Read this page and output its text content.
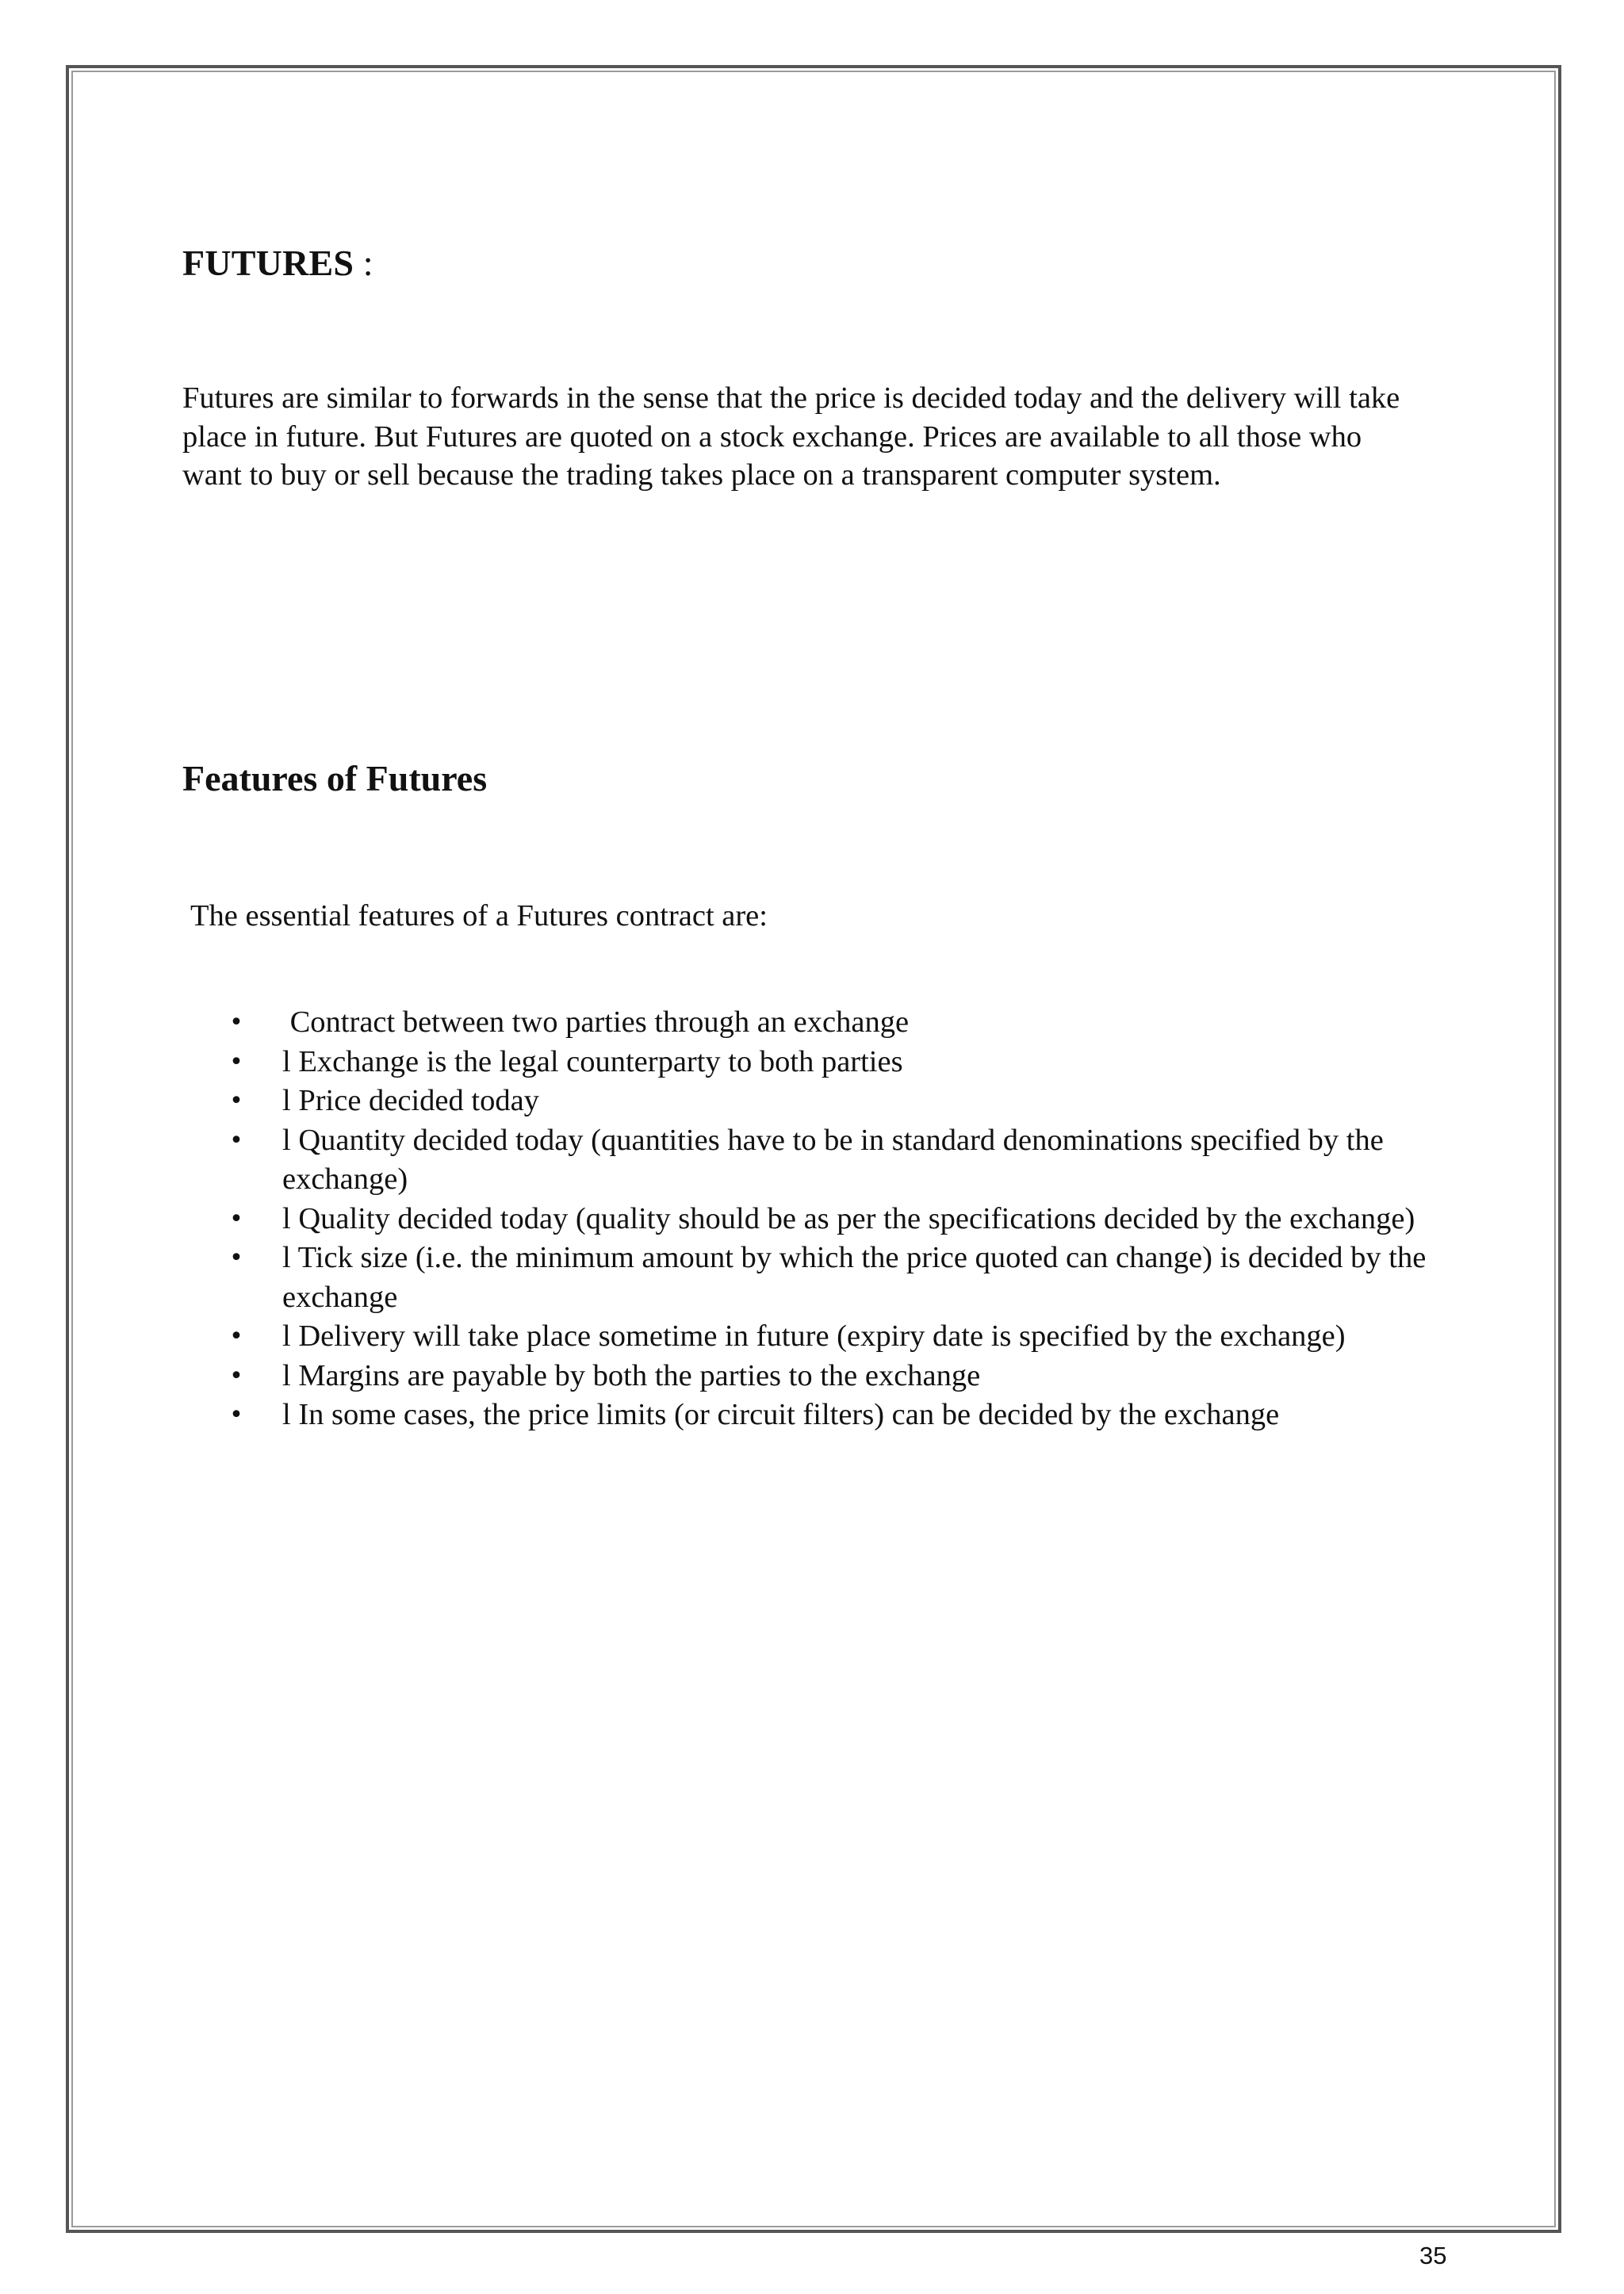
FUTURES :

Futures are similar to forwards in the sense that the price is decided today and the delivery will take place in future. But Futures are quoted on a stock exchange. Prices are available to all those who want to buy or sell because the trading takes place on a transparent computer system.

Features of Futures

The essential features of a Futures contract are:

• Contract between two parties through an exchange
• l Exchange is the legal counterparty to both parties
• l Price decided today
• l Quantity decided today (quantities have to be in standard denominations specified by the exchange)
• l Quality decided today (quality should be as per the specifications decided by the exchange)
• l Tick size (i.e. the minimum amount by which the price quoted can change) is decided by the exchange
• l Delivery will take place sometime in future (expiry date is specified by the exchange)
• l Margins are payable by both the parties to the exchange
• l In some cases, the price limits (or circuit filters) can be decided by the exchange

35
